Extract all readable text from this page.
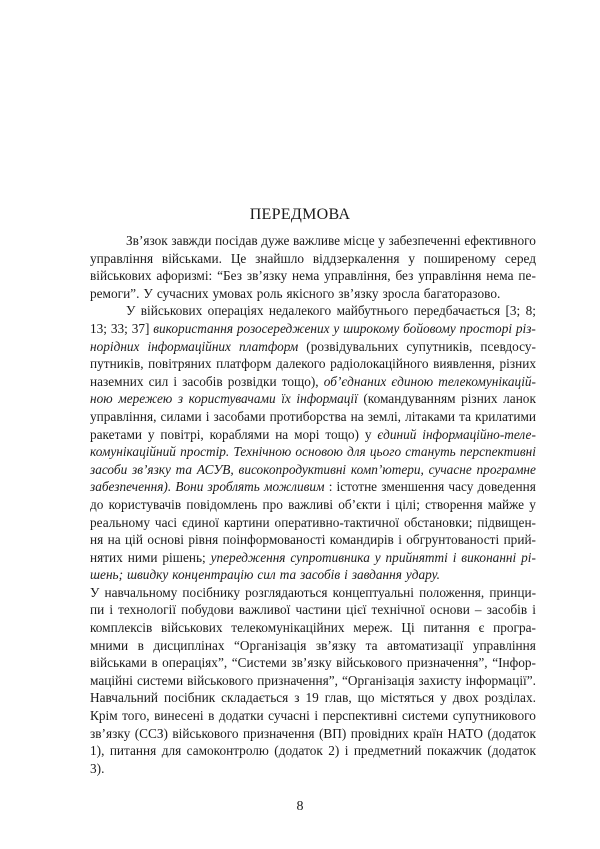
ПЕРЕДМОВА
Зв’язок завжди посідав дуже важливе місце у забезпеченні ефективного
управління військами. Це знайшло віддзеркалення у поширеному серед
військових афоризмі: “Без зв’язку нема управління, без управління нема пе-
ремоги”. У сучасних умовах роль якісного зв’язку зросла багаторазово.
У військових операціях недалекого майбутнього передбачається [3; 8;
13; 33; 37] використання розосереджених у широкому бойовому просторі різ-
норідних інформаційних платформ (розвідувальних супутників, псевдосу-
путників, повітряних платформ далекого радіолокаційного виявлення, різних
наземних сил і засобів розвідки тощо), об’єднаних єдиною телекомунікацій-
ною мережею з користувачами їх інформації (командуванням різних ланок
управління, силами і засобами протиборства на землі, літаками та крилатими
ракетами у повітрі, кораблями на морі тощо) у єдиний інформаційно-теле-
комунікаційний простір. Технічною основою для цього стануть перспективні
засоби зв’язку та АСУВ, високопродуктивні комп’ютери, сучасне програмне
забезпечення). Вони зроблять можливим : істотне зменшення часу доведення
до користувачів повідомлень про важливі об’єкти і цілі; створення майже у
реальному часі єдиної картини оперативно-тактичної обстановки; підвищен-
ня на цій основі рівня поінформованості командирів і обгрунтованості прий-
нятих ними рішень; упередження супротивника у прийнятті і виконанні рі-
шень; швидку концентрацію сил та засобів і завдання удару.
У навчальному посібнику розглядаються концептуальні положення, принци-
пи і технології побудови важливої частини цієї технічної основи – засобів і
комплексів військових телекомунікаційних мереж. Ці питання є програ-
мними в дисциплінах “Організація зв’язку та автоматизації управління
військами в операціях”, “Системи зв’язку військового призначення”, “Інфор-
маційні системи військового призначення”, “Організація захисту інформації”.
Навчальний посібник складається з 19 глав, що містяться у двох розділах.
Крім того, винесені в додатки сучасні і перспективні системи супутникового
зв’язку (ССЗ) військового призначення (ВП) провідних країн НАТО (додаток
1), питання для самоконтролю (додаток 2) і предметний покажчик (додаток
3).
8
